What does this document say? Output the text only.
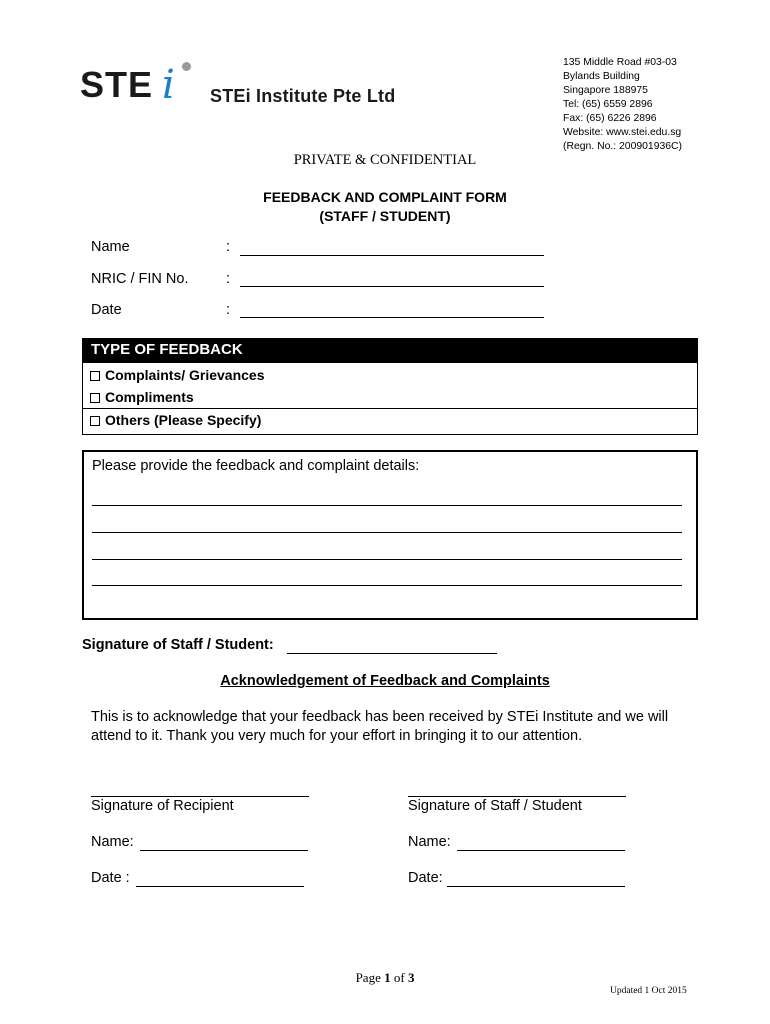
STE i STEi Institute Pte Ltd
135 Middle Road #03-03
Bylands Building
Singapore 188975
Tel: (65) 6559 2896
Fax: (65) 6226 2896
Website: www.stei.edu.sg
(Regn. No.: 200901936C)
PRIVATE & CONFIDENTIAL
FEEDBACK AND COMPLAINT FORM
(STAFF / STUDENT)
Name	:
NRIC / FIN No.	:
Date	:
TYPE OF FEEDBACK
Complaints/ Grievances
Compliments
Others (Please Specify)
Please provide the feedback and complaint details:
Signature of Staff / Student:
Acknowledgement of Feedback and Complaints
This is to acknowledge that your feedback has been received by STEi Institute and we will attend to it. Thank you very much for your effort in bringing it to our attention.
Signature of Recipient	Signature of Staff / Student
Name:	Name:
Date :	Date:
Page 1 of 3
Updated 1 Oct 2015
